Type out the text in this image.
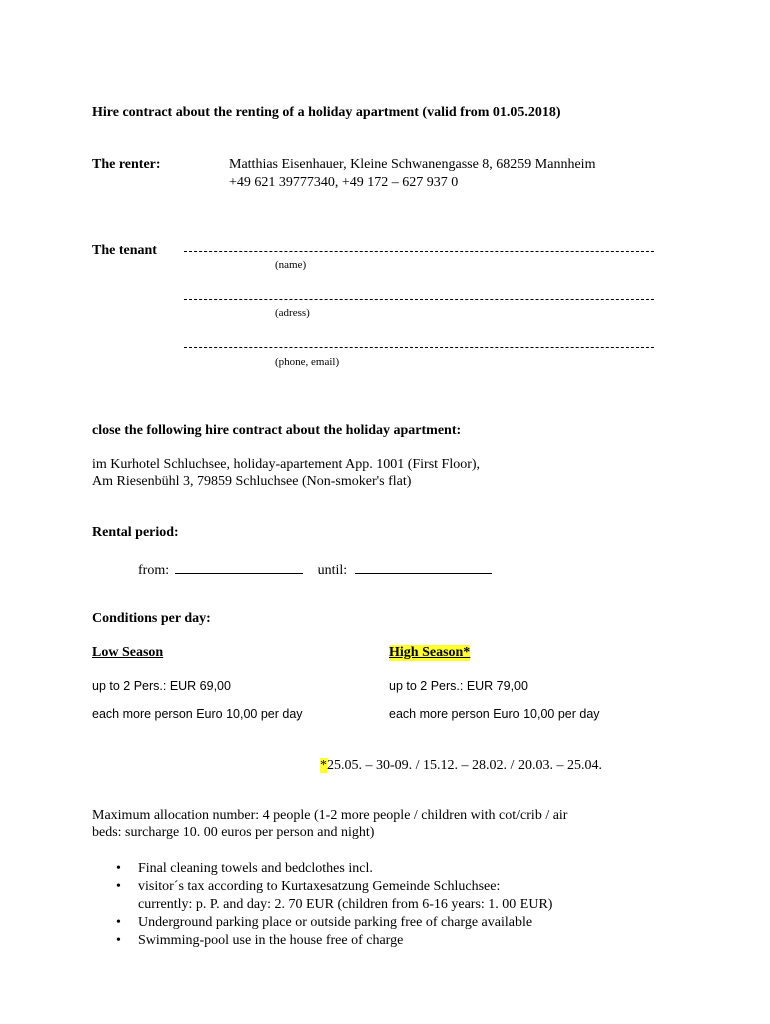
Hire contract about the renting of a holiday apartment (valid from 01.05.2018)
The renter:	Matthias Eisenhauer, Kleine Schwanengasse 8, 68259 Mannheim
+49 621 39777340, +49 172 – 627 937 0
The tenant
(name)
(adress)
(phone, email)
close the following hire contract about the holiday apartment:
im Kurhotel Schluchsee, holiday-apartement App. 1001 (First Floor),
Am Riesenbühl 3, 79859 Schluchsee (Non-smoker's flat)
Rental period:
from:	until:
Conditions per day:
Low Season	High Season*
up to 2 Pers.: EUR 69,00	up to 2 Pers.: EUR 79,00
each more person Euro 10,00 per day	each more person Euro 10,00 per day
*25.05. – 30-09. / 15.12. – 28.02. / 20.03. – 25.04.
Maximum allocation number: 4 people (1-2 more people / children with cot/crib / air
beds: surcharge 10. 00 euros per person and night)
• Final cleaning towels and bedclothes incl.
• visitor´s tax according to Kurtaxesatzung Gemeinde Schluchsee:
currently: p. P. and day: 2. 70 EUR (children from 6-16 years: 1. 00 EUR)
• Underground parking place or outside parking free of charge available
• Swimming-pool use in the house free of charge
